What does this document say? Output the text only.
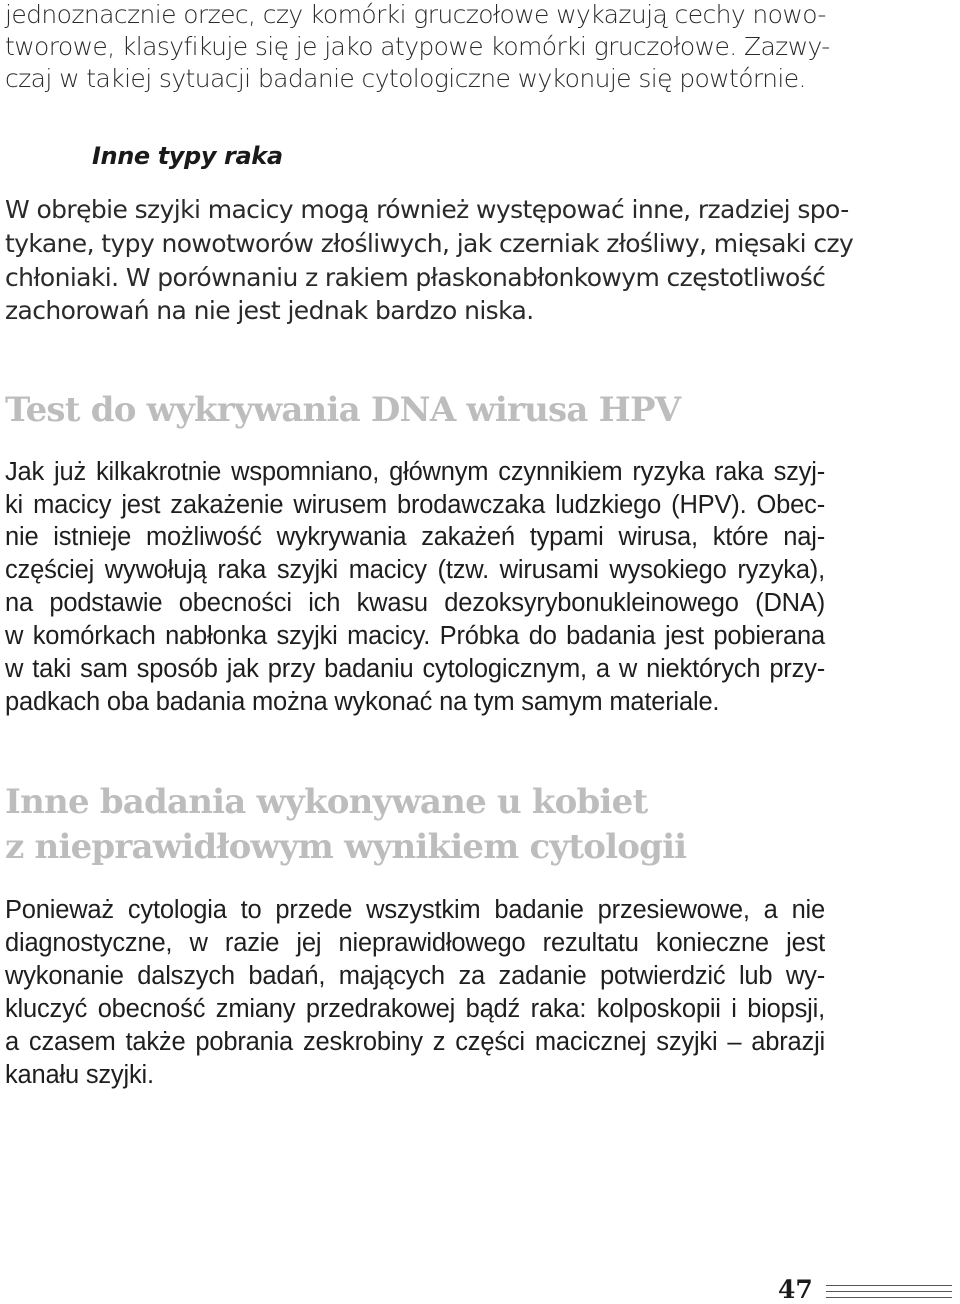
jednoznacznie orzec, czy komórki gruczołowe wykazują cechy nowo-
tworowe, klasyfikuje się je jako atypowe komórki gruczołowe. Zazwy-
czaj w takiej sytuacji badanie cytologiczne wykonuje się powtórnie.
Inne typy raka
W obrębie szyjki macicy mogą również występować inne, rzadziej spo-
tykane, typy nowotworów złośliwych, jak czerniak złośliwy, mięsaki czy
chłoniaki. W porównaniu z rakiem płaskonabłonkowym częstotliwość
zachorowań na nie jest jednak bardzo niska.
Test do wykrywania DNA wirusa HPV
Jak już kilkakrotnie wspomniano, głównym czynnikiem ryzyka raka szyj-
ki macicy jest zakażenie wirusem brodawczaka ludzkiego (HPV). Obec-
nie istnieje możliwość wykrywania zakażeń typami wirusa, które naj-
częściej wywołują raka szyjki macicy (tzw. wirusami wysokiego ryzyka),
na podstawie obecności ich kwasu dezoksyrybonukleinowego (DNA)
w komórkach nabłonka szyjki macicy. Próbka do badania jest pobierana
w taki sam sposób jak przy badaniu cytologicznym, a w niektórych przy-
padkach oba badania można wykonać na tym samym materiale.
Inne badania wykonywane u kobiet
z nieprawidłowym wynikiem cytologii
Ponieważ cytologia to przede wszystkim badanie przesiewowe, a nie
diagnostyczne, w razie jej nieprawidłowego rezultatu konieczne jest
wykonanie dalszych badań, mających za zadanie potwierdzić lub wy-
kluczyć obecność zmiany przedrakowej bądź raka: kolposkopii i biopsji,
a czasem także pobrania zeskrobiny z części macicznej szyjki – abrazji
kanału szyjki.
47
